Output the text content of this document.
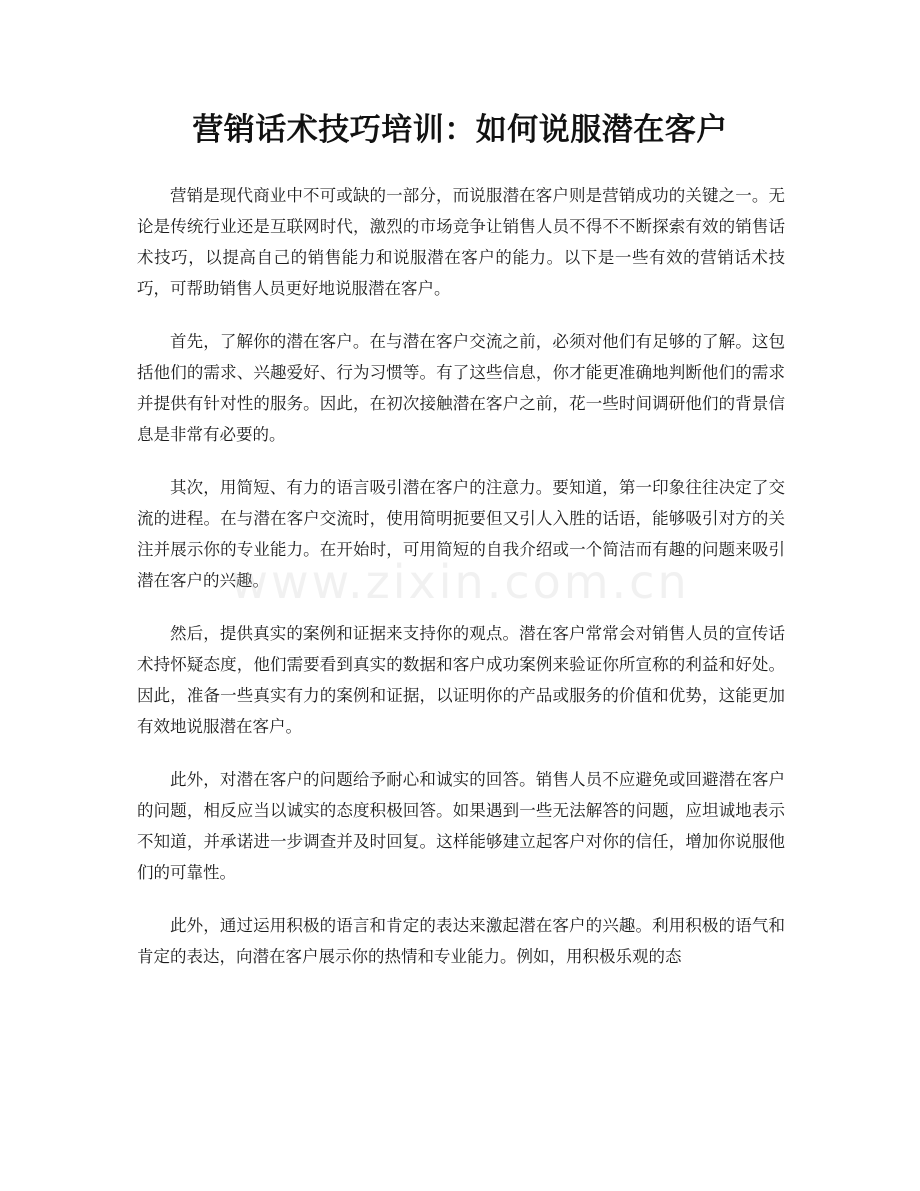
营销话术技巧培训：如何说服潜在客户

营销是现代商业中不可或缺的一部分，而说服潜在客户则是营销成功的关键之一。无论是传统行业还是互联网时代，激烈的市场竞争让销售人员不得不不断探索有效的销售话术技巧，以提高自己的销售能力和说服潜在客户的能力。以下是一些有效的营销话术技巧，可帮助销售人员更好地说服潜在客户。

首先，了解你的潜在客户。在与潜在客户交流之前，必须对他们有足够的了解。这包括他们的需求、兴趣爱好、行为习惯等。有了这些信息，你才能更准确地判断他们的需求并提供有针对性的服务。因此，在初次接触潜在客户之前，花一些时间调研他们的背景信息是非常有必要的。

其次，用简短、有力的语言吸引潜在客户的注意力。要知道，第一印象往往决定了交流的进程。在与潜在客户交流时，使用简明扼要但又引人入胜的话语，能够吸引对方的关注并展示你的专业能力。在开始时，可用简短的自我介绍或一个简洁而有趣的问题来吸引潜在客户的兴趣。

然后，提供真实的案例和证据来支持你的观点。潜在客户常常会对销售人员的宣传话术持怀疑态度，他们需要看到真实的数据和客户成功案例来验证你所宣称的利益和好处。因此，准备一些真实有力的案例和证据，以证明你的产品或服务的价值和优势，这能更加有效地说服潜在客户。

此外，对潜在客户的问题给予耐心和诚实的回答。销售人员不应避免或回避潜在客户的问题，相反应当以诚实的态度积极回答。如果遇到一些无法解答的问题，应坦诚地表示不知道，并承诺进一步调查并及时回复。这样能够建立起客户对你的信任，增加你说服他们的可靠性。

此外，通过运用积极的语言和肯定的表达来激起潜在客户的兴趣。利用积极的语气和肯定的表达，向潜在客户展示你的热情和专业能力。例如，用积极乐观的态

www.zixin.com.cn
